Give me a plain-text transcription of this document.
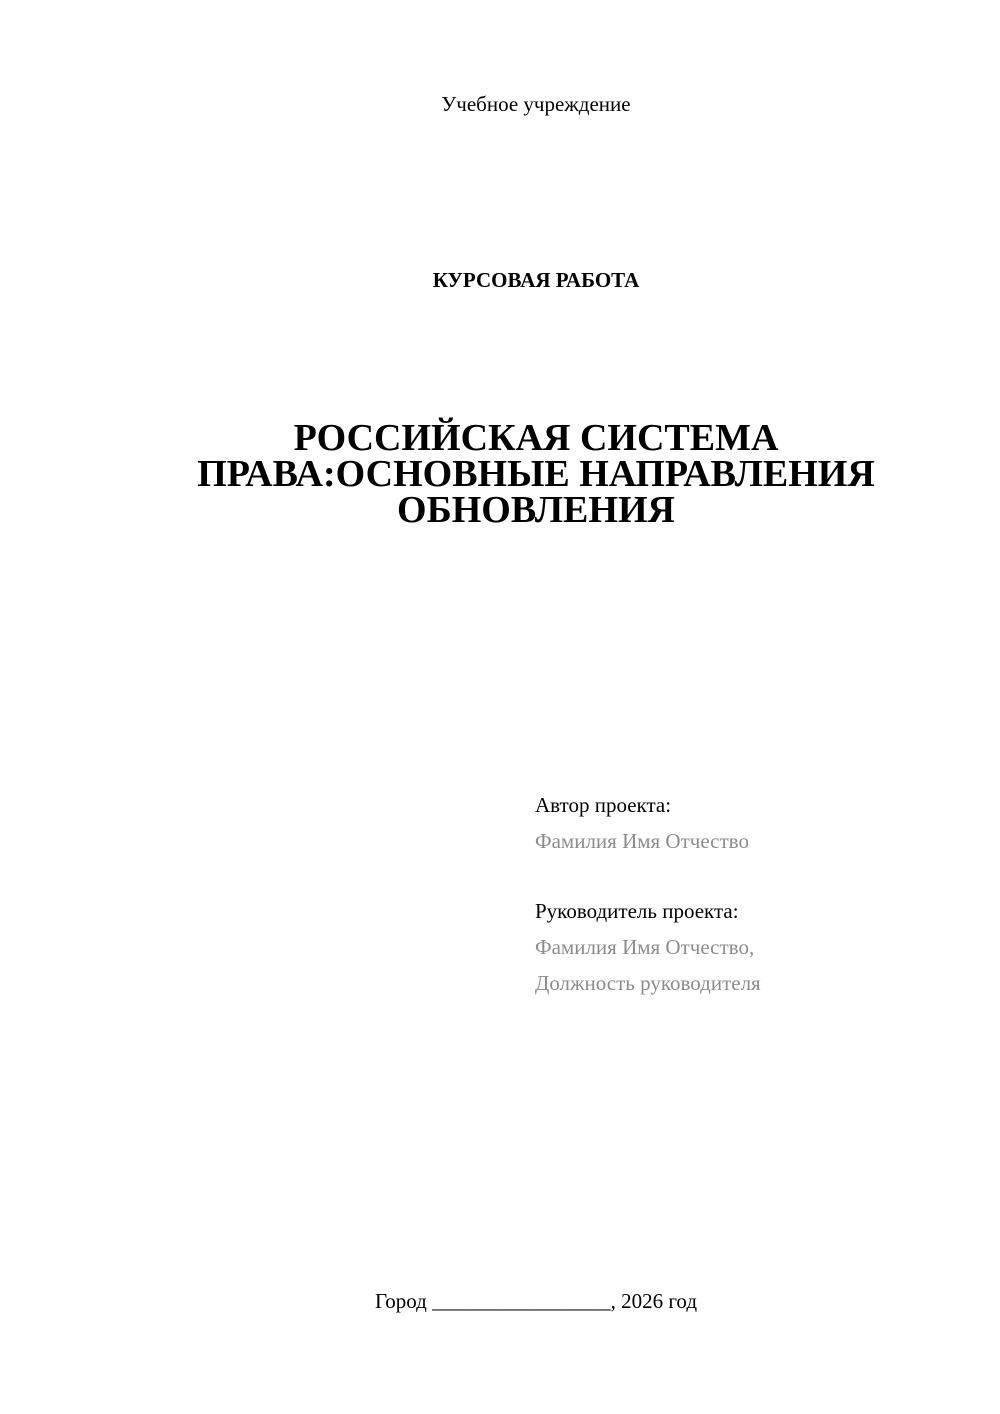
Учебное учреждение
КУРСОВАЯ РАБОТА
РОССИЙСКАЯ СИСТЕМА
ПРАВА:ОСНОВНЫЕ НАПРАВЛЕНИЯ
ОБНОВЛЕНИЯ
Автор проекта:
Фамилия Имя Отчество
Руководитель проекта:
Фамилия Имя Отчество,
Должность руководителя
Город _________________, 2026 год
